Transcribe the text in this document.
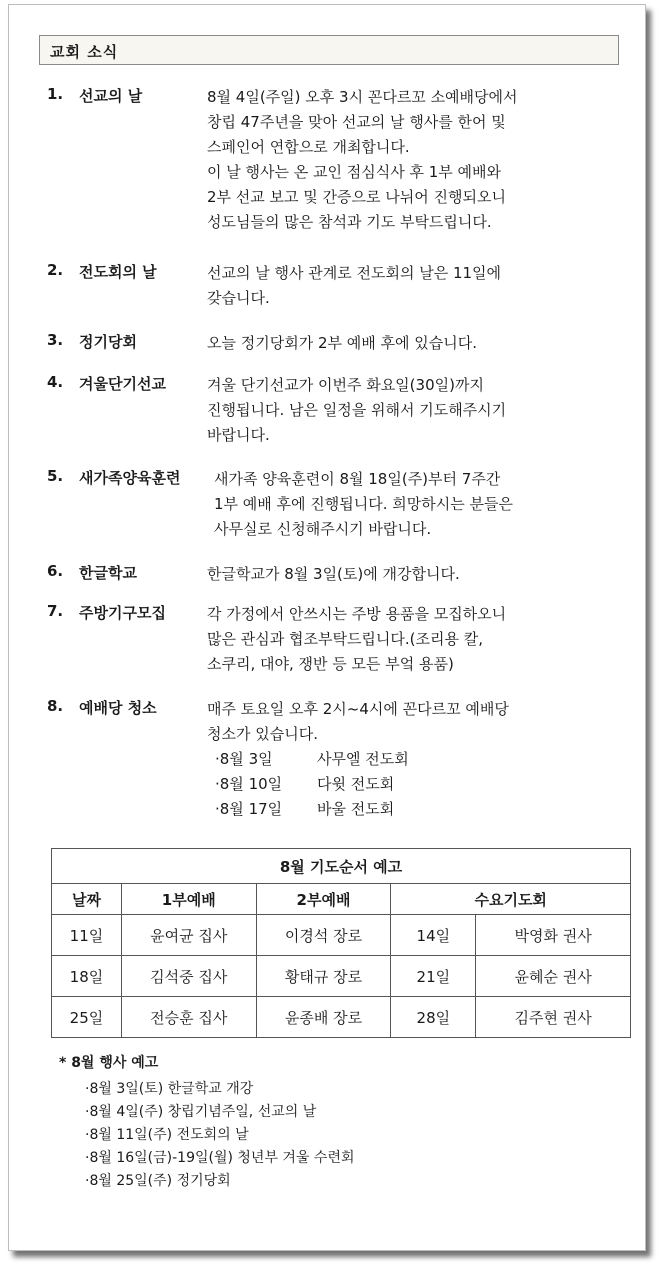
교회 소식
1. 선교의 날	8월 4일(주일) 오후 3시 꼰다르꼬 소예배당에서
창립 47주년을 맞아 선교의 날 행사를 한어 및
스페인어 연합으로 개최합니다.
이 날 행사는 온 교인 점심식사 후 1부 예배와
2부 선교 보고 및 간증으로 나뉘어 진행되오니
성도님들의 많은 참석과 기도 부탁드립니다.
2. 전도회의 날	선교의 날 행사 관계로 전도회의 날은 11일에
갖습니다.
3. 정기당회	오늘 정기당회가 2부 예배 후에 있습니다.
4. 겨울단기선교	겨울 단기선교가 이번주 화요일(30일)까지
진행됩니다. 남은 일정을 위해서 기도해주시기
바랍니다.
5. 새가족양육훈련 새가족 양육훈련이 8월 18일(주)부터 7주간
1부 예배 후에 진행됩니다. 희망하시는 분들은
사무실로 신청해주시기 바랍니다.
6. 한글학교	한글학교가 8월 3일(토)에 개강합니다.
7. 주방기구모집	각 가정에서 안쓰시는 주방 용품을 모집하오니
많은 관심과 협조부탁드립니다.(조리용 칼,
소쿠리, 대야, 쟁반 등 모든 부엌 용품)
8. 예배당 청소	매주 토요일 오후 2시~4시에 꼰다르꼬 예배당
청소가 있습니다.
·8월 3일	사무엘 전도회
·8월 10일 다윗 전도회
·8월 17일 바울 전도회
8월 기도순서 예고				
날짜	1부예배	2부예배	수요기도회	
11일	윤여균 집사	이경석 장로	14일	박영화 권사
18일	김석중 집사	황태규 장로	21일	윤혜순 권사
25일	전승훈 집사	윤종배 장로	28일	김주현 권사
* 8월 행사 예고
·8월 3일(토) 한글학교 개강
·8월 4일(주) 창립기념주일, 선교의 날
·8월 11일(주) 전도회의 날
·8월 16일(금)-19일(월) 청년부 겨울 수련회
·8월 25일(주) 정기당회
